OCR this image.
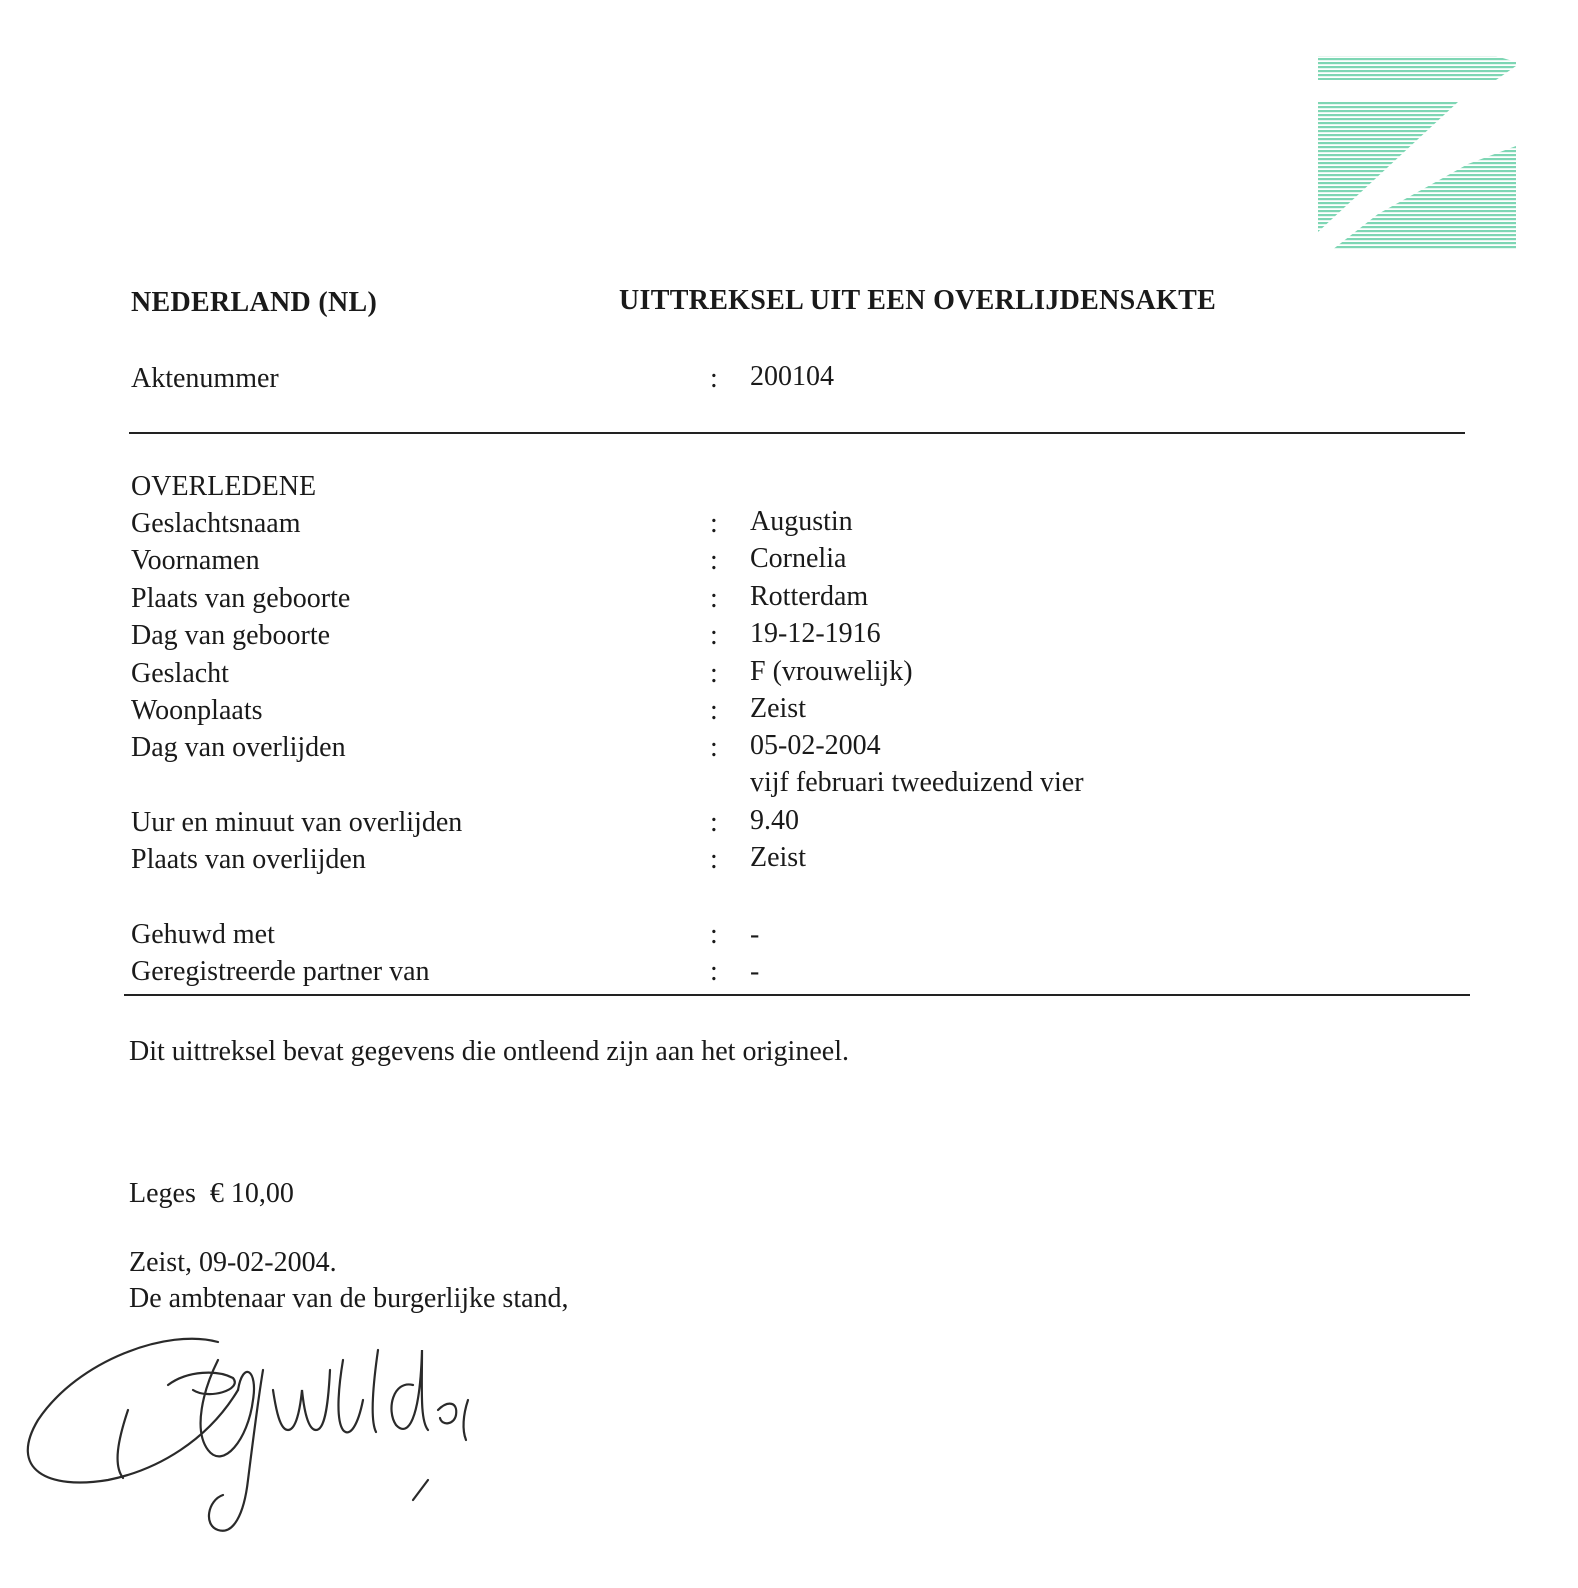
NEDERLAND (NL)	UITTREKSEL UIT EEN OVERLIJDENSAKTE
Aktenummer	: 200104
OVERLEDENE
Geslachtsnaam	: Augustin
Voornamen	: Cornelia
Plaats van geboorte	: Rotterdam
Dag van geboorte	: 19-12-1916
Geslacht	: F (vrouwelijk)
Woonplaats	: Zeist
Dag van overlijden	: 05-02-2004
vijf februari tweeduizend vier
Uur en minuut van overlijden	: 9.40
Plaats van overlijden	: Zeist
Gehuwd met	: -
Geregistreerde partner van	: -
Dit uittreksel bevat gegevens die ontleend zijn aan het origineel.
Leges € 10,00
Zeist, 09-02-2004.
De ambtenaar van de burgerlijke stand,
